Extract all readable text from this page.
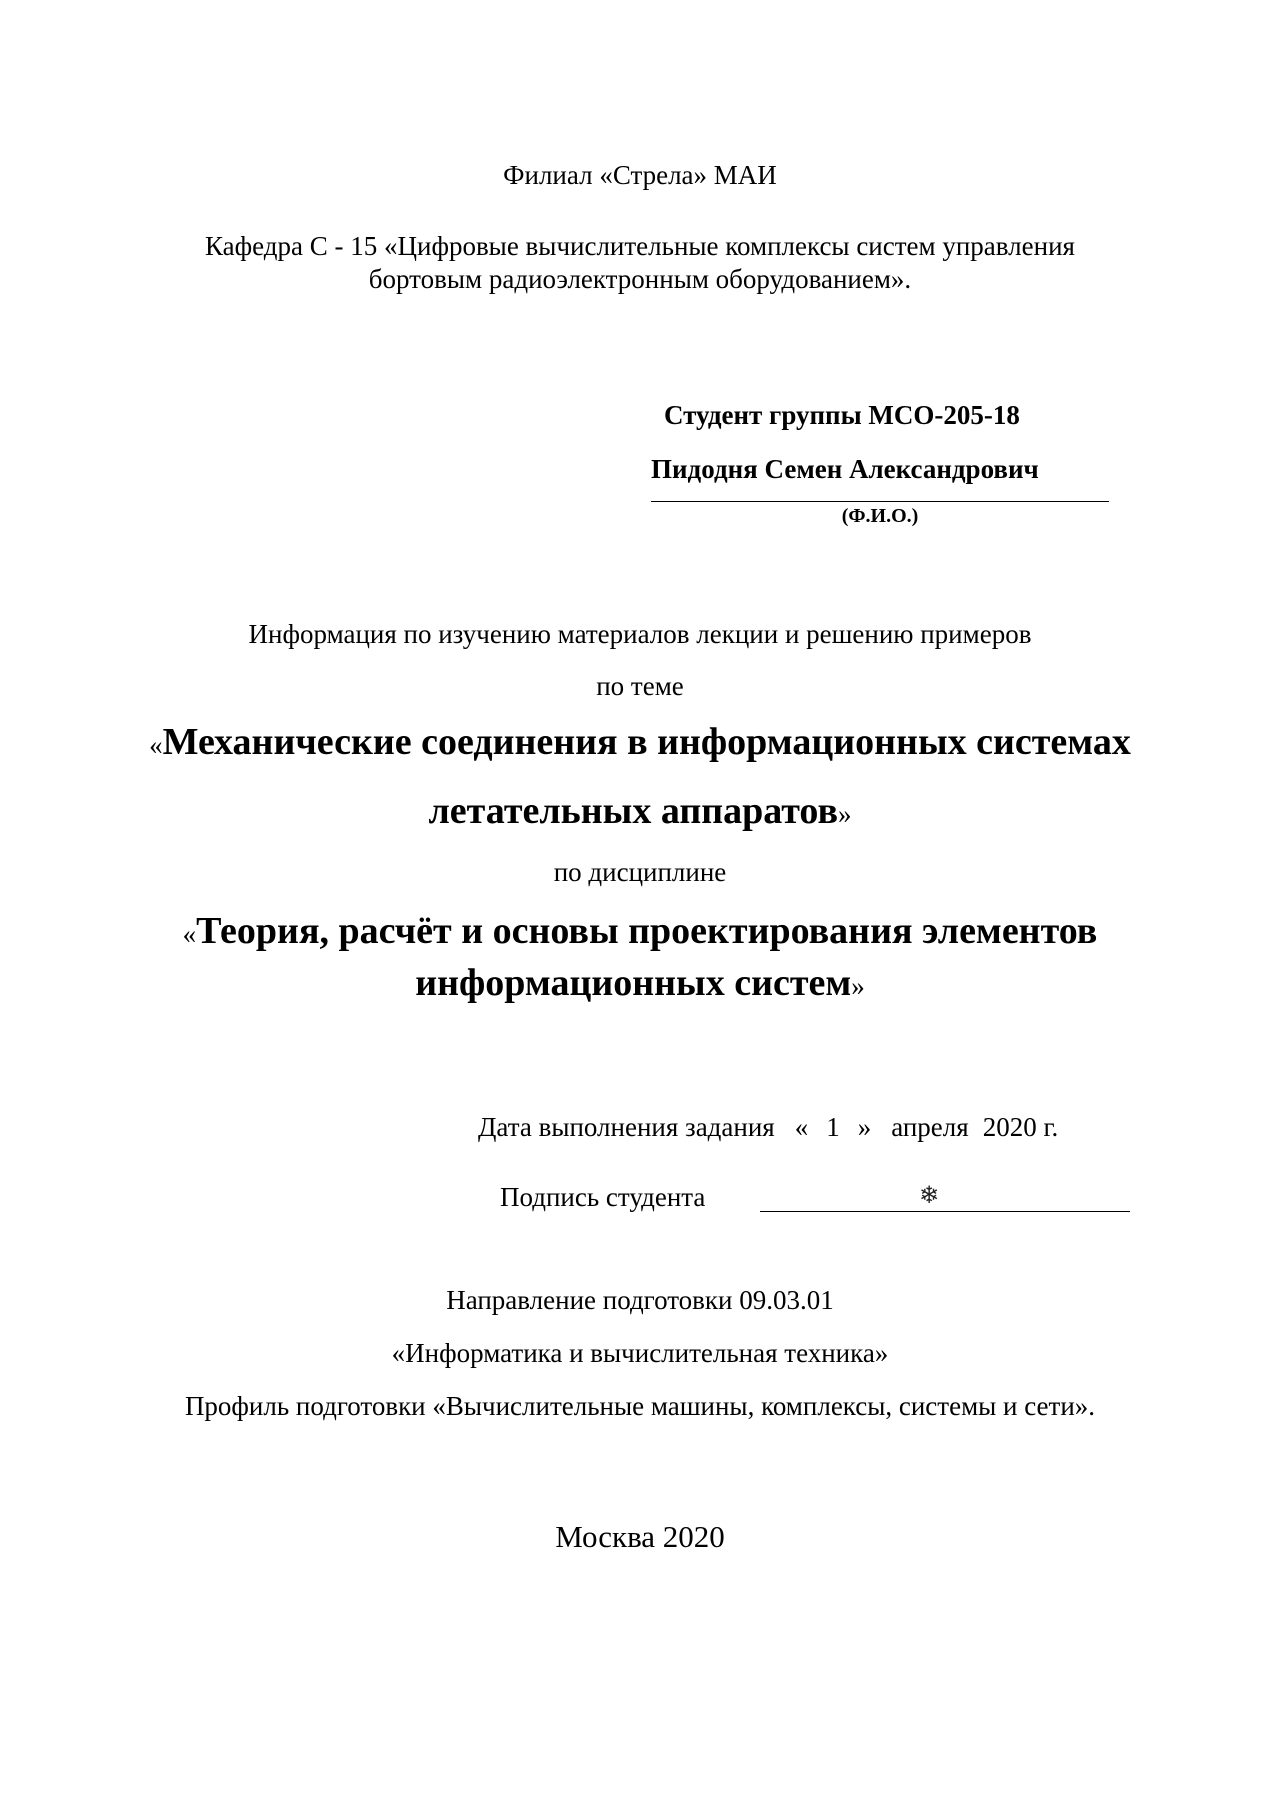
Филиал «Стрела» МАИ
Кафедра С - 15 «Цифровые вычислительные комплексы систем управления
бортовым радиоэлектронным оборудованием».
Студент группы МСО-205-18
Пидодня Семен Александрович
(Ф.И.О.)
Информация по изучению материалов лекции и решению примеров
по теме
«Механические соединения в информационных системах
летательных аппаратов»
по дисциплине
«Теория, расчёт и основы проектирования элементов
информационных систем»
Дата выполнения задания « 1 » апреля 2020 г.
Подпись студента	❄
Направление подготовки 09.03.01
«Информатика и вычислительная техника»
Профиль подготовки «Вычислительные машины, комплексы, системы и сети».
Москва 2020
